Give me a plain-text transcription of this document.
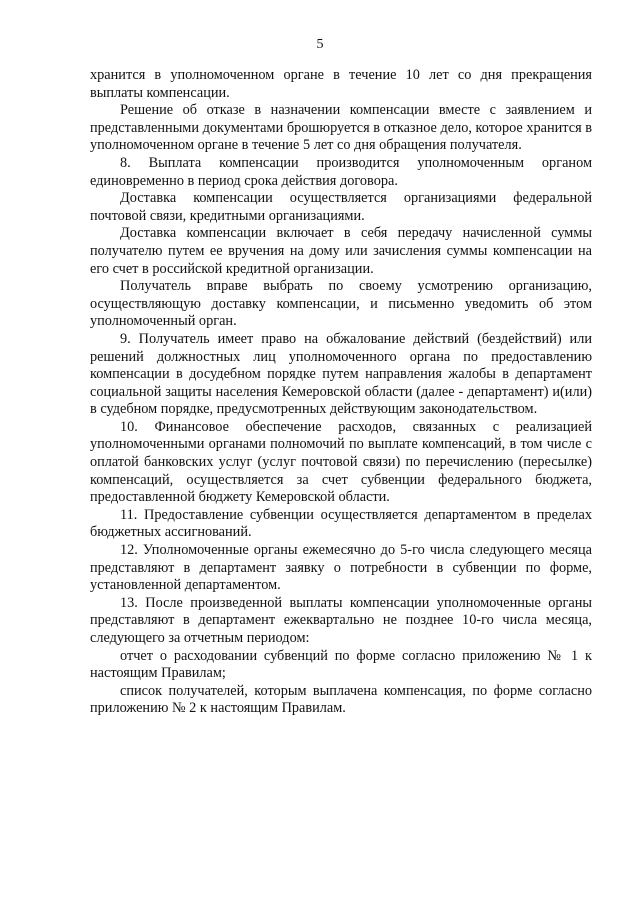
5

хранится в уполномоченном органе в течение 10 лет со дня прекращения выплаты компенсации.

Решение об отказе в назначении компенсации вместе с заявлением и представленными документами брошюруется в отказное дело, которое хранится в уполномоченном органе в течение 5 лет со дня обращения получателя.

8. Выплата компенсации производится уполномоченным органом единовременно в период срока действия договора.

Доставка компенсации осуществляется организациями федеральной почтовой связи, кредитными организациями.

Доставка компенсации включает в себя передачу начисленной суммы получателю путем ее вручения на дому или зачисления суммы компенсации на его счет в российской кредитной организации.

Получатель вправе выбрать по своему усмотрению организацию, осуществляющую доставку компенсации, и письменно уведомить об этом уполномоченный орган.

9. Получатель имеет право на обжалование действий (бездействий) или решений должностных лиц уполномоченного органа по предоставлению компенсации в досудебном порядке путем направления жалобы в департамент социальной защиты населения Кемеровской области (далее - департамент) и(или) в судебном порядке, предусмотренных действующим законодательством.

10. Финансовое обеспечение расходов, связанных с реализацией уполномоченными органами полномочий по выплате компенсаций, в том числе с оплатой банковских услуг (услуг почтовой связи) по перечислению (пересылке) компенсаций, осуществляется за счет субвенции федерального бюджета, предоставленной бюджету Кемеровской области.

11. Предоставление субвенции осуществляется департаментом в пределах бюджетных ассигнований.

12. Уполномоченные органы ежемесячно до 5-го числа следующего месяца представляют в департамент заявку о потребности в субвенции по форме, установленной департаментом.

13. После произведенной выплаты компенсации уполномоченные органы представляют в департамент ежеквартально не позднее 10-го числа месяца, следующего за отчетным периодом:

отчет о расходовании субвенций по форме согласно приложению № 1 к настоящим Правилам;

список получателей, которым выплачена компенсация, по форме согласно приложению № 2 к настоящим Правилам.
